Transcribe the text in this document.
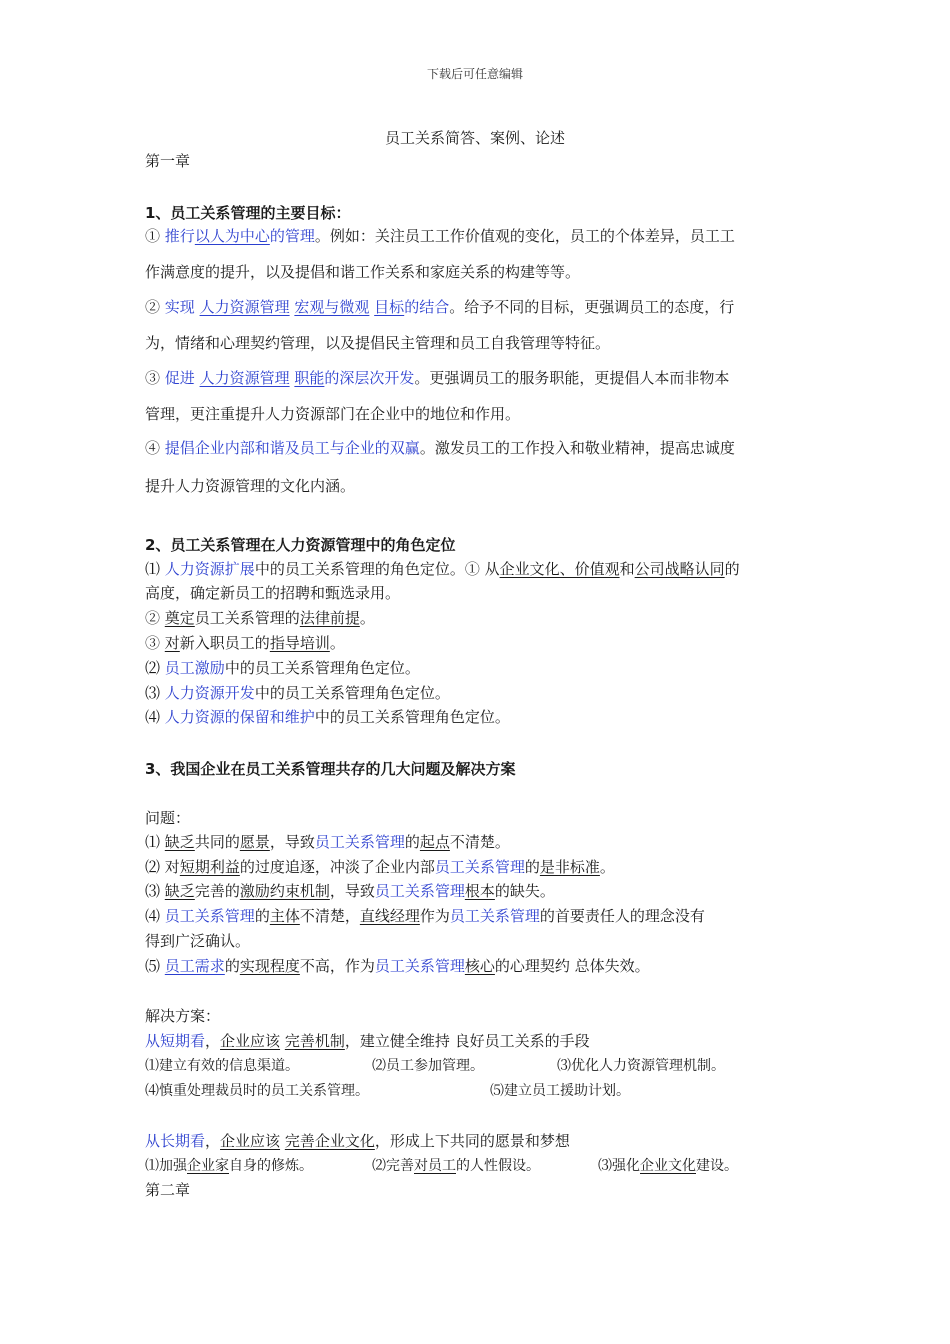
下载后可任意编辑
员工关系简答、案例、论述
第一章
1、员工关系管理的主要目标：
① 推行以人为中心的管理。例如：关注员工工作价值观的变化，员工的个体差异，员工工
作满意度的提升，以及提倡和谐工作关系和家庭关系的构建等等。
② 实现 人力资源管理 宏观与微观 目标的结合。给予不同的目标，更强调员工的态度，行
为，情绪和心理契约管理，以及提倡民主管理和员工自我管理等特征。
③ 促进 人力资源管理 职能的深层次开发。更强调员工的服务职能，更提倡人本而非物本
管理，更注重提升人力资源部门在企业中的地位和作用。
④ 提倡企业内部和谐及员工与企业的双赢。激发员工的工作投入和敬业精神，提高忠诚度
提升人力资源管理的文化内涵。
2、员工关系管理在人力资源管理中的角色定位
⑴ 人力资源扩展中的员工关系管理的角色定位。① 从企业文化、价值观和公司战略认同的
高度，确定新员工的招聘和甄选录用。
② 奠定员工关系管理的法律前提。
③ 对新入职员工的指导培训。
⑵ 员工激励中的员工关系管理角色定位。
⑶ 人力资源开发中的员工关系管理角色定位。
⑷ 人力资源的保留和维护中的员工关系管理角色定位。
3、我国企业在员工关系管理共存的几大问题及解决方案
问题：
⑴ 缺乏共同的愿景，导致员工关系管理的起点不清楚。
⑵ 对短期利益的过度追逐，冲淡了企业内部员工关系管理的是非标准。
⑶ 缺乏完善的激励约束机制，导致员工关系管理根本的缺失。
⑷ 员工关系管理的主体不清楚，直线经理作为员工关系管理的首要责任人的理念没有
得到广泛确认。
⑸ 员工需求的实现程度不高，作为员工关系管理核心的心理契约 总体失效。
解决方案：
从短期看，企业应该 完善机制，建立健全维持 良好员工关系的手段
⑴建立有效的信息渠道。	⑵员工参加管理。	⑶优化人力资源管理机制。
⑷慎重处理裁员时的员工关系管理。	⑸建立员工援助计划。
从长期看，企业应该 完善企业文化，形成上下共同的愿景和梦想
⑴加强企业家自身的修炼。	⑵完善对员工的人性假设。	⑶强化企业文化建设。
第二章
